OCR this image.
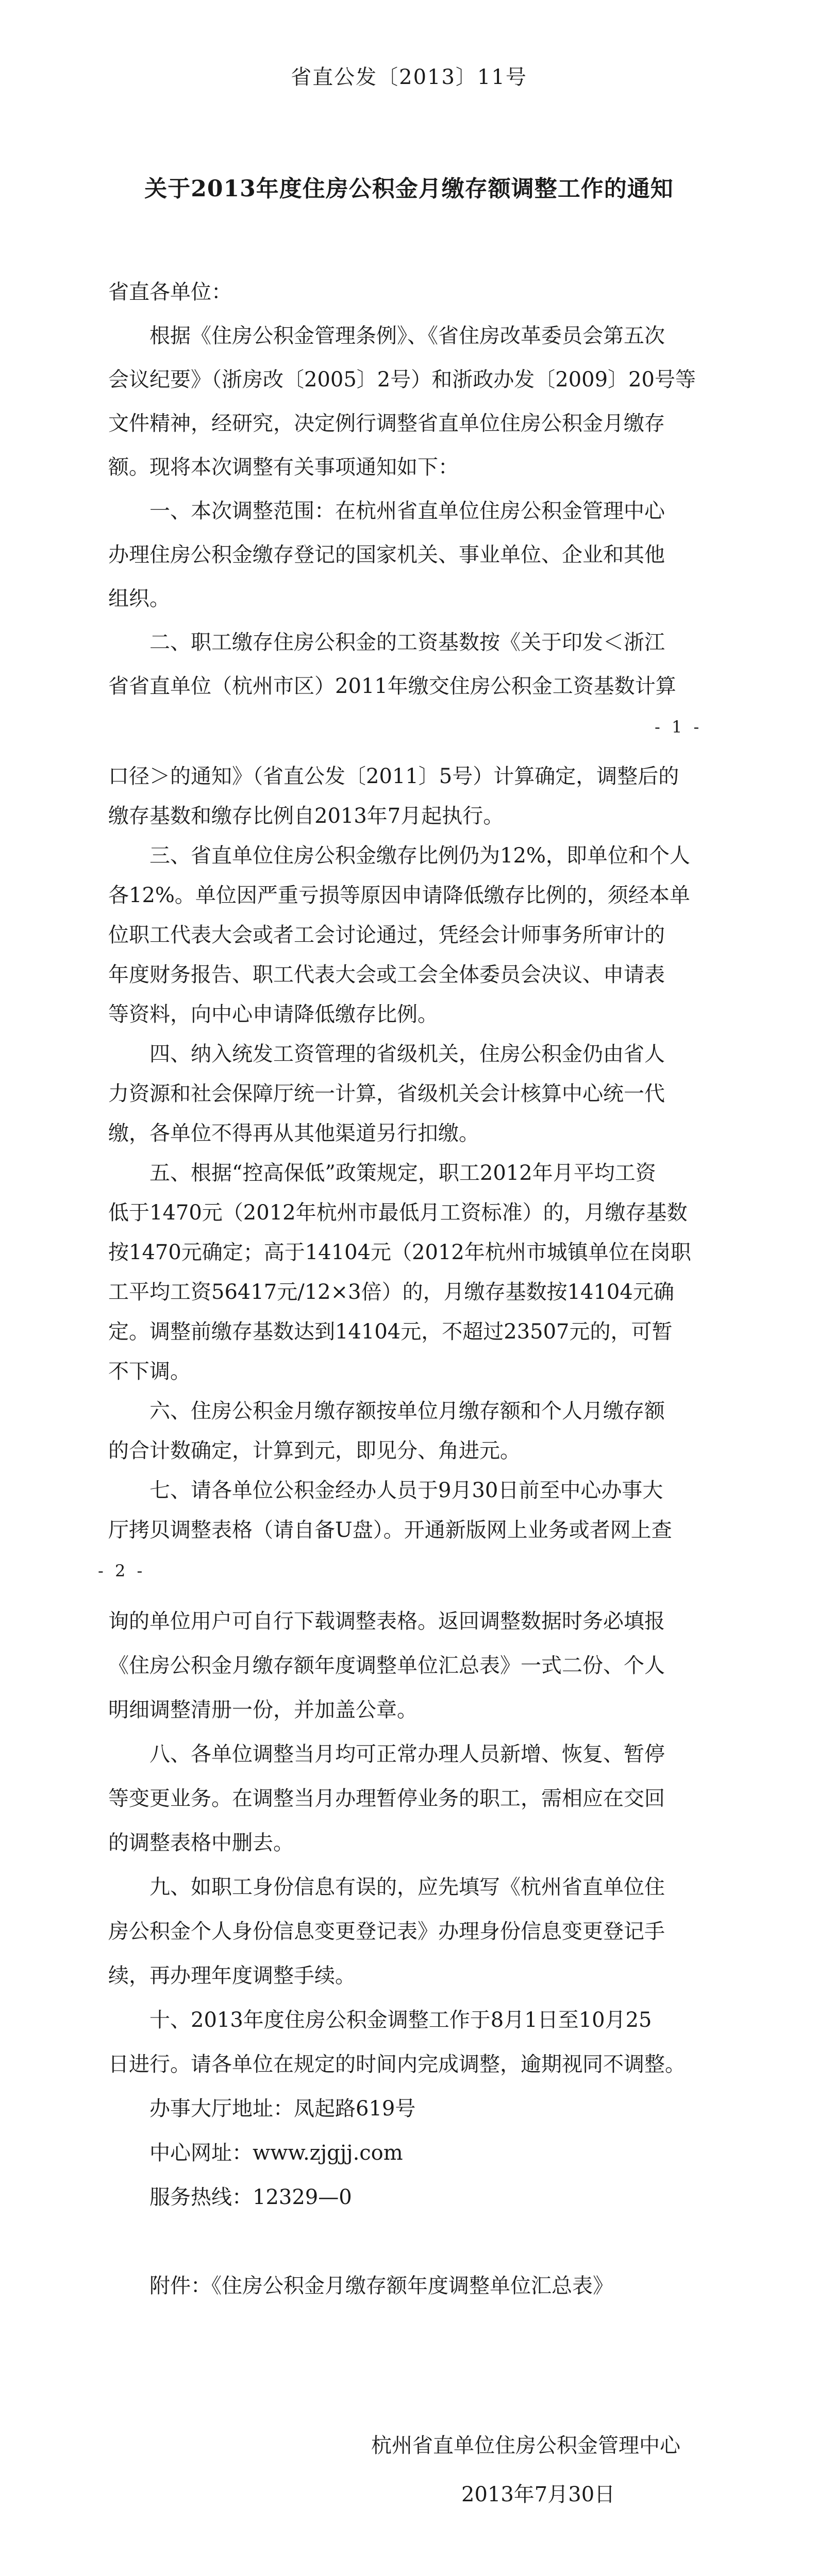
省直公发〔2013〕11号
关于2013年度住房公积金月缴存额调整工作的通知
省直各单位：
　　根据《住房公积金管理条例》、《省住房改革委员会第五次
会议纪要》（浙房改〔2005〕2号）和浙政办发〔2009〕20号等
文件精神，经研究，决定例行调整省直单位住房公积金月缴存
额。现将本次调整有关事项通知如下：
　　一、本次调整范围：在杭州省直单位住房公积金管理中心
办理住房公积金缴存登记的国家机关、事业单位、企业和其他
组织。
　　二、职工缴存住房公积金的工资基数按《关于印发＜浙江
省省直单位（杭州市区）2011年缴交住房公积金工资基数计算
- 1 -
口径＞的通知》（省直公发〔2011〕5号）计算确定，调整后的
缴存基数和缴存比例自2013年7月起执行。
　　三、省直单位住房公积金缴存比例仍为12%，即单位和个人
各12%。单位因严重亏损等原因申请降低缴存比例的，须经本单
位职工代表大会或者工会讨论通过，凭经会计师事务所审计的
年度财务报告、职工代表大会或工会全体委员会决议、申请表
等资料，向中心申请降低缴存比例。
　　四、纳入统发工资管理的省级机关，住房公积金仍由省人
力资源和社会保障厅统一计算，省级机关会计核算中心统一代
缴，各单位不得再从其他渠道另行扣缴。
　　五、根据“控高保低”政策规定，职工2012年月平均工资
低于1470元（2012年杭州市最低月工资标准）的，月缴存基数
按1470元确定；高于14104元（2012年杭州市城镇单位在岗职
工平均工资56417元/12×3倍）的，月缴存基数按14104元确
定。调整前缴存基数达到14104元，不超过23507元的，可暂
不下调。
　　六、住房公积金月缴存额按单位月缴存额和个人月缴存额
的合计数确定，计算到元，即见分、角进元。
　　七、请各单位公积金经办人员于9月30日前至中心办事大
厅拷贝调整表格（请自备U盘）。开通新版网上业务或者网上查
- 2 -
询的单位用户可自行下载调整表格。返回调整数据时务必填报
《住房公积金月缴存额年度调整单位汇总表》一式二份、个人
明细调整清册一份，并加盖公章。
　　八、各单位调整当月均可正常办理人员新增、恢复、暂停
等变更业务。在调整当月办理暂停业务的职工，需相应在交回
的调整表格中删去。
　　九、如职工身份信息有误的，应先填写《杭州省直单位住
房公积金个人身份信息变更登记表》办理身份信息变更登记手
续，再办理年度调整手续。
　　十、2013年度住房公积金调整工作于8月1日至10月25
日进行。请各单位在规定的时间内完成调整，逾期视同不调整。
　　办事大厅地址：凤起路619号
　　中心网址：www.zjgjj.com
　　服务热线：12329—0
　　附件：《住房公积金月缴存额年度调整单位汇总表》
杭州省直单位住房公积金管理中心
2013年7月30日
